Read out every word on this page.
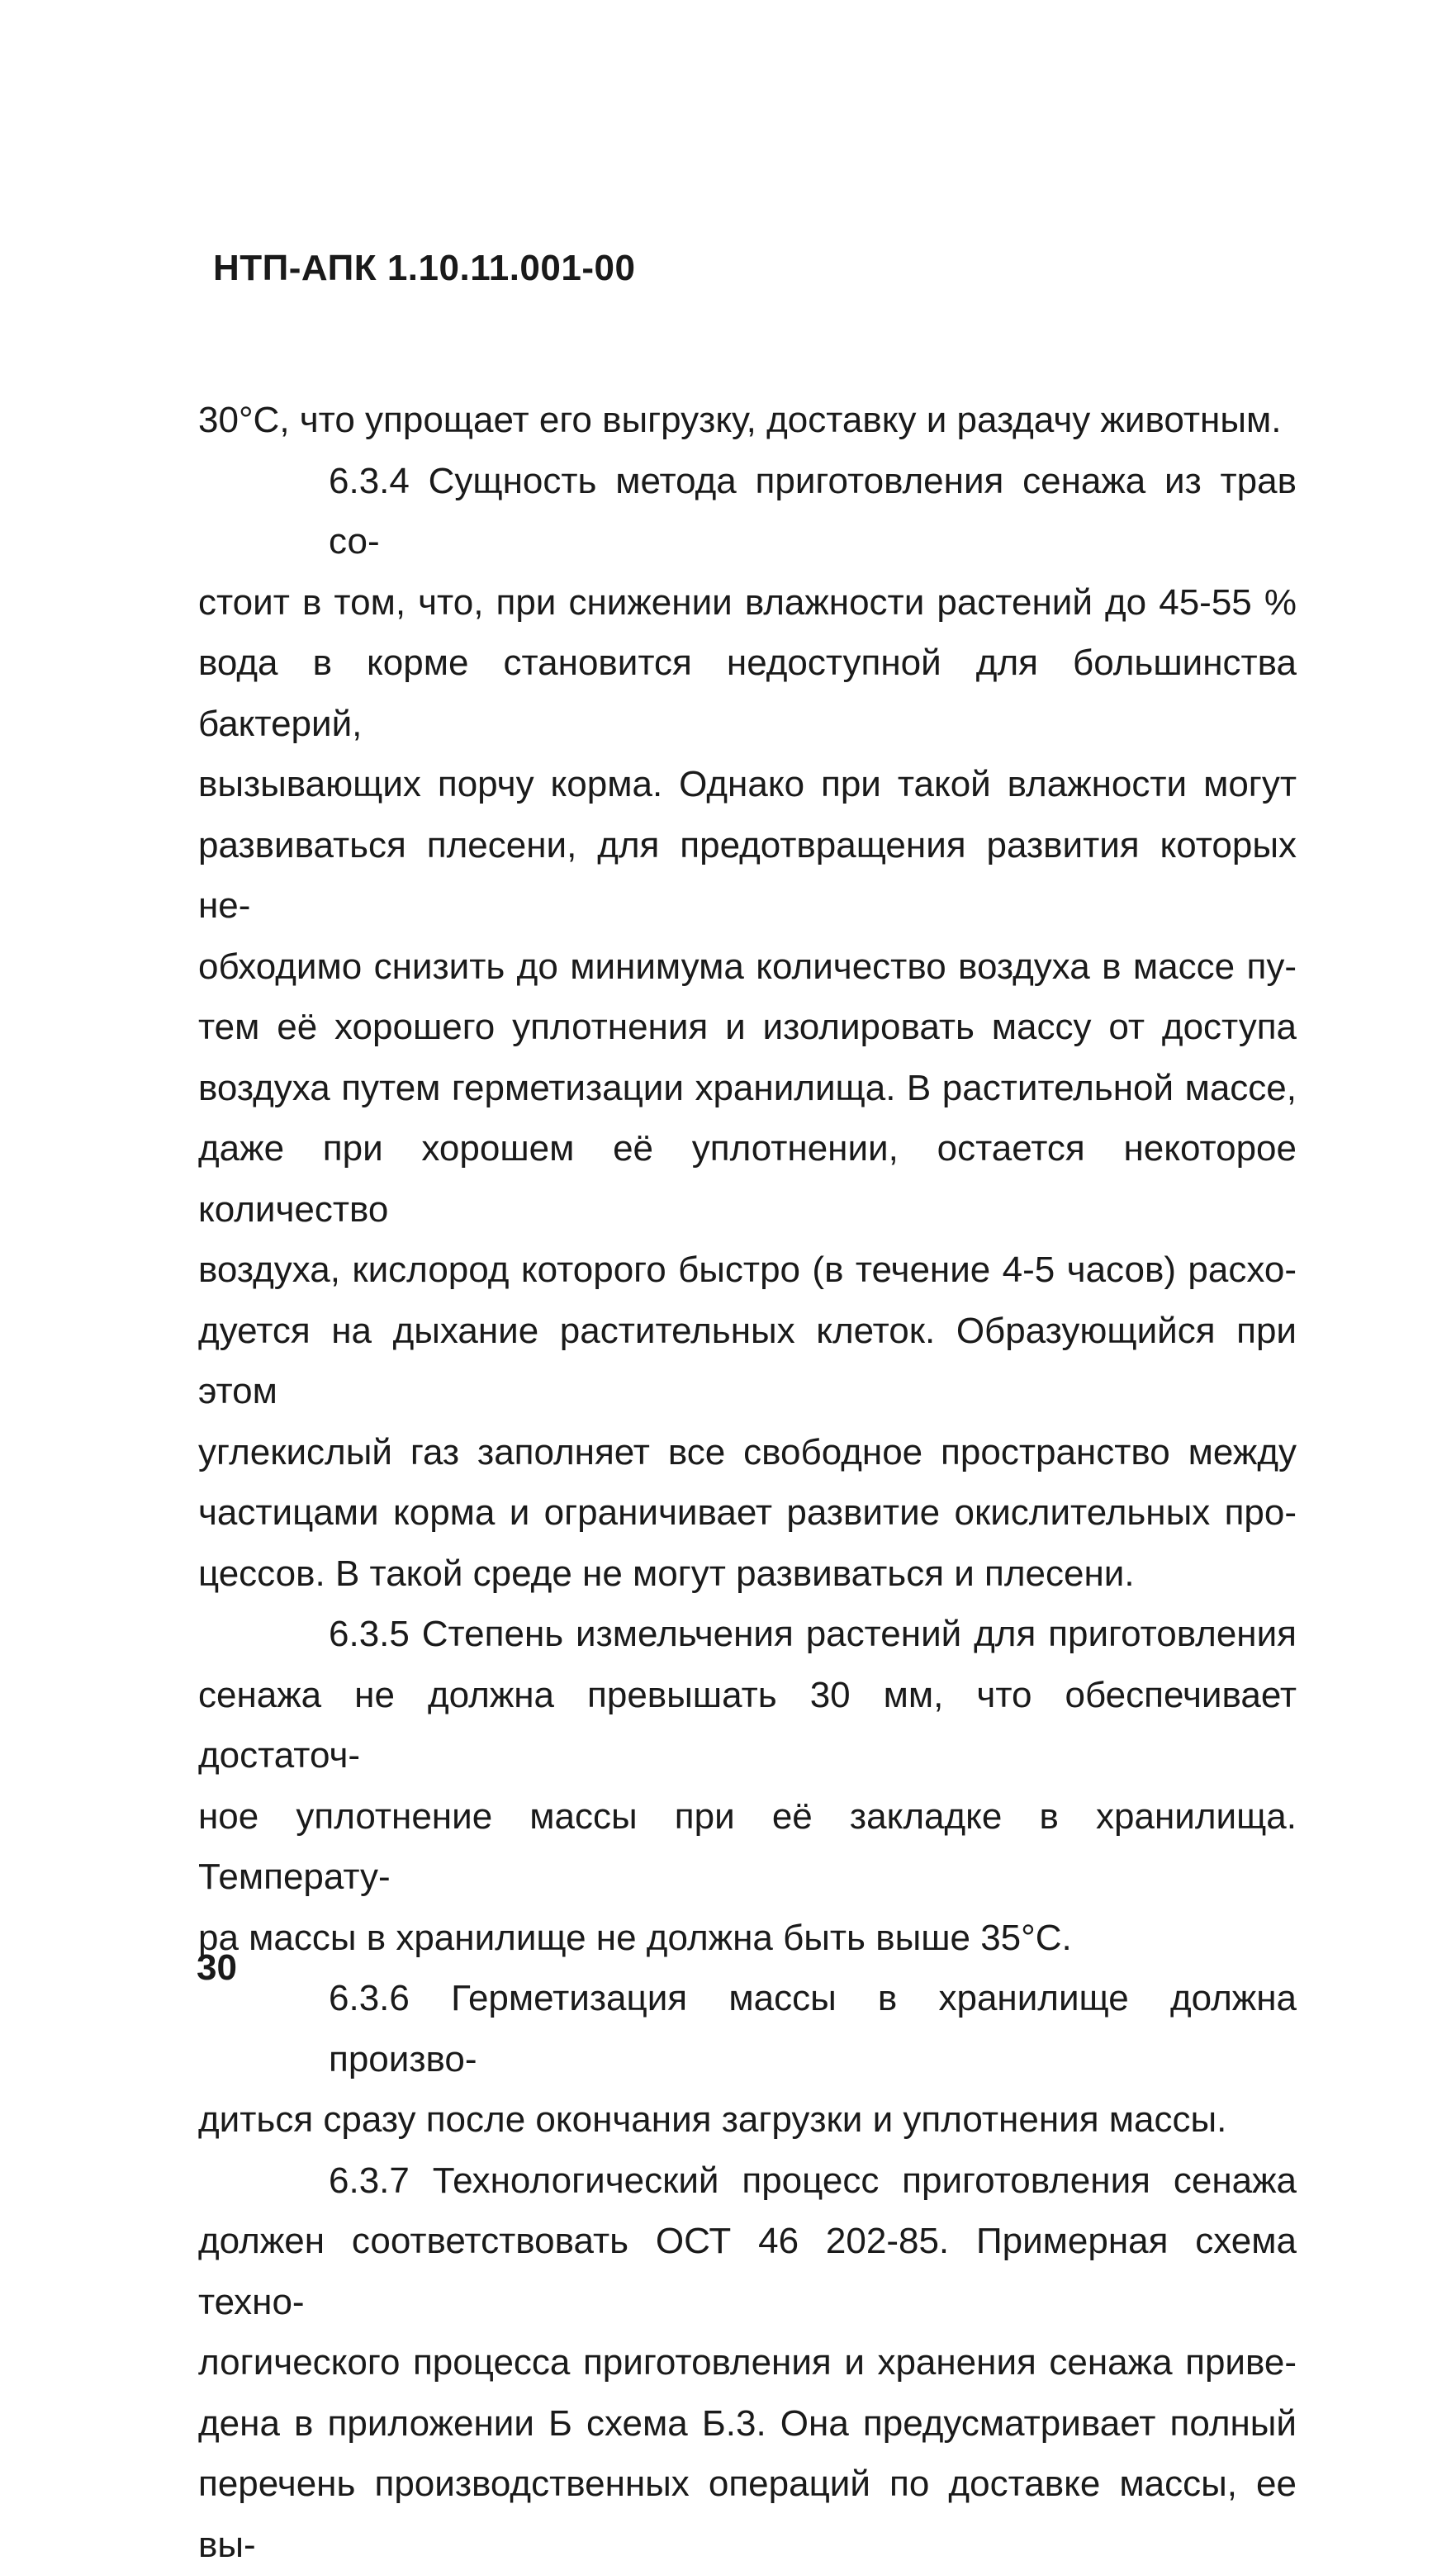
НТП-АПК 1.10.11.001-00
30°С, что упрощает его выгрузку, доставку и раздачу животным.
6.3.4 Сущность метода приготовления сенажа из трав со-
стоит в том, что, при снижении влажности растений до 45-55 %
вода в корме становится недоступной для большинства бактерий,
вызывающих порчу корма. Однако при такой влажности могут
развиваться плесени, для предотвращения развития которых не-
обходимо снизить до минимума количество воздуха в массе пу-
тем её хорошего уплотнения и изолировать массу от доступа
воздуха путем герметизации хранилища. В растительной массе,
даже при хорошем её уплотнении, остается некоторое количество
воздуха, кислород которого быстро (в течение 4-5 часов) расхо-
дуется на дыхание растительных клеток. Образующийся при этом
углекислый газ заполняет все свободное пространство между
частицами корма и ограничивает развитие окислительных про-
цессов. В такой среде не могут развиваться и плесени.
6.3.5 Степень измельчения растений для приготовления
сенажа не должна превышать 30 мм, что обеспечивает достаточ-
ное уплотнение массы при её закладке в хранилища. Температу-
ра массы в хранилище не должна быть выше 35°С.
6.3.6 Герметизация массы в хранилище должна произво-
диться сразу после окончания загрузки и уплотнения массы.
6.3.7 Технологический процесс приготовления сенажа
должен соответствовать ОСТ 46 202-85. Примерная схема техно-
логического процесса приготовления и хранения сенажа приве-
дена в приложении Б схема Б.3. Она предусматривает полный
перечень производственных операций по доставке массы, ее вы-
30
